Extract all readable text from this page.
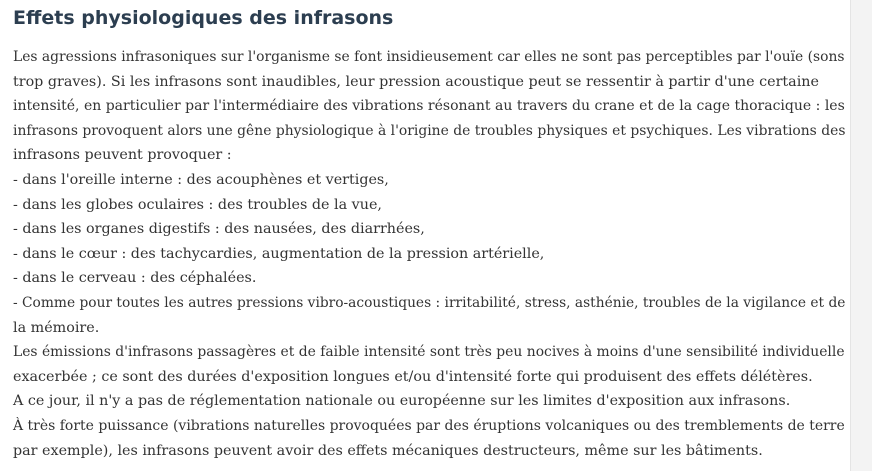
Effets physiologiques des infrasons
Les agressions infrasoniques sur l'organisme se font insidieusement car elles ne sont pas perceptibles par l'ouïe (sons
trop graves). Si les infrasons sont inaudibles, leur pression acoustique peut se ressentir à partir d'une certaine
intensité, en particulier par l'intermédiaire des vibrations résonant au travers du crane et de la cage thoracique : les
infrasons provoquent alors une gêne physiologique à l'origine de troubles physiques et psychiques. Les vibrations des
infrasons peuvent provoquer :
- dans l'oreille interne : des acouphènes et vertiges,
- dans les globes oculaires : des troubles de la vue,
- dans les organes digestifs : des nausées, des diarrhées,
- dans le cœur : des tachycardies, augmentation de la pression artérielle,
- dans le cerveau : des céphalées.
- Comme pour toutes les autres pressions vibro-acoustiques : irritabilité, stress, asthénie, troubles de la vigilance et de
la mémoire.
Les émissions d'infrasons passagères et de faible intensité sont très peu nocives à moins d'une sensibilité individuelle
exacerbée ; ce sont des durées d'exposition longues et/ou d'intensité forte qui produisent des effets délétères.
A ce jour, il n'y a pas de réglementation nationale ou européenne sur les limites d'exposition aux infrasons.
À très forte puissance (vibrations naturelles provoquées par des éruptions volcaniques ou des tremblements de terre
par exemple), les infrasons peuvent avoir des effets mécaniques destructeurs, même sur les bâtiments.
